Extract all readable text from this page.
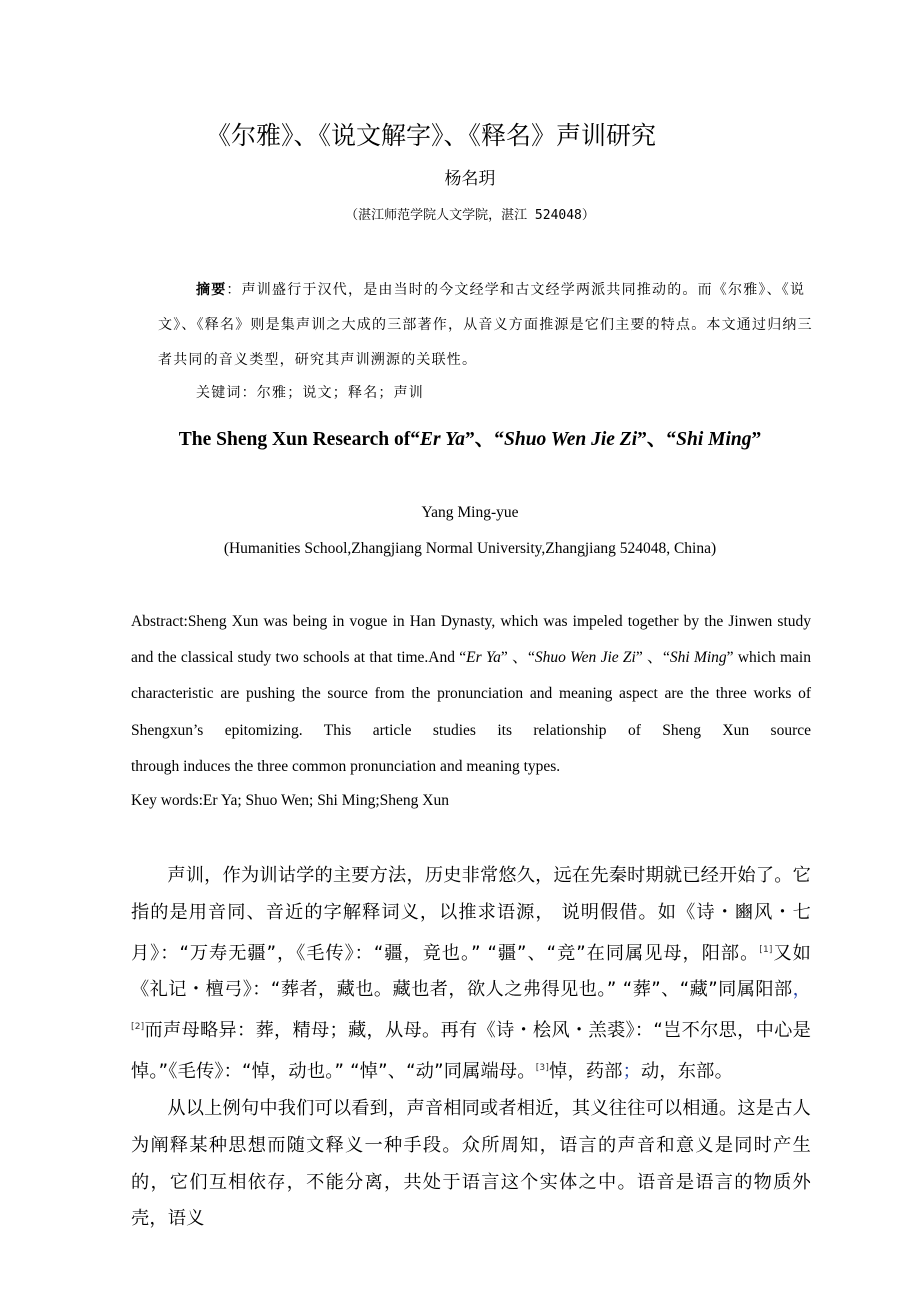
《尔雅》、《说文解字》、《释名》声训研究
杨名玥
（湛江师范学院人文学院，湛江 524048）
摘要：声训盛行于汉代，是由当时的今文经学和古文经学两派共同推动的。而《尔雅》、《说文》、《释名》则是集声训之大成的三部著作，从音义方面推源是它们主要的特点。本文通过归纳三者共同的音义类型，研究其声训溯源的关联性。
关键词：尔雅；说文；释名；声训
The Sheng Xun Research of“Er Ya”、“Shuo Wen Jie Zi”、“Shi Ming”
Yang Ming-yue
(Humanities School,Zhangjiang Normal University,Zhangjiang 524048, China)
Abstract:Sheng Xun was being in vogue in Han Dynasty, which was impeled together by the Jinwen study and the classical study two schools at that time.And “Er Ya” 、“Shuo Wen Jie Zi” 、“Shi Ming” which main characteristic are pushing the source from the pronunciation and meaning aspect are the three works of Shengxun’s epitomizing. This article studies its relationship of Sheng Xun source
through induces the three common pronunciation and meaning types.
Key words:Er Ya; Shuo Wen; Shi Ming;Sheng Xun

声训，作为训诂学的主要方法，历史非常悠久，远在先秦时期就已经开始了。它指的是用音同、音近的字解释词义，以推求语源， 说明假借。如《诗・豳风・七月》：“万寿无疆”，《毛传》：“疆，竟也。” “疆”、“竞”在同属见母，阳部。[1]又如《礼记・檀弓》：“葬者，藏也。藏也者，欲人之弗得见也。” “葬”、“藏”同属阳部，[2]而声母略异：葬，精母；藏，从母。再有《诗・桧风・羔裘》：“岂不尔思，中心是悼。”《毛传》：“悼，动也。” “悼”、“动”同属端母。[3]悼，药部；动，东部。

从以上例句中我们可以看到，声音相同或者相近，其义往往可以相通。这是古人为阐释某种思想而随文释义一种手段。众所周知，语言的声音和意义是同时产生的，它们互相依存，不能分离，共处于语言这个实体之中。语音是语言的物质外壳，语义
